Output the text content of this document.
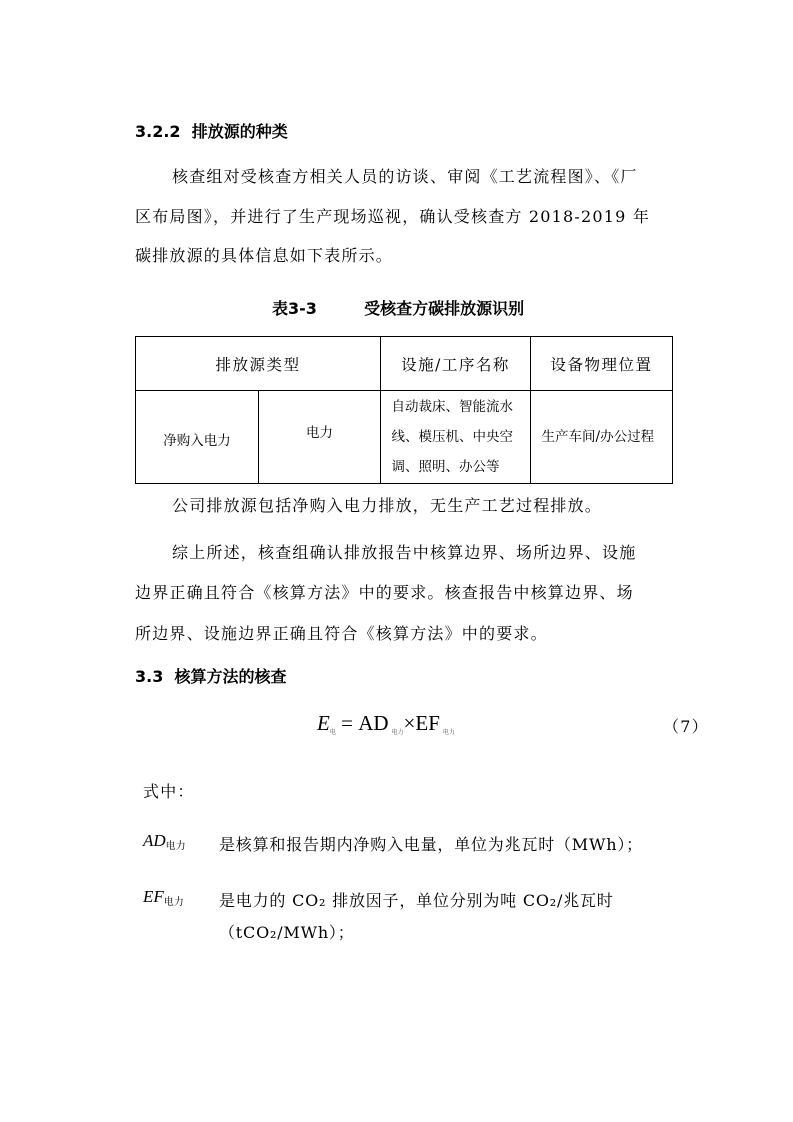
3.2.2 排放源的种类
核查组对受核查方相关人员的访谈、审阅《工艺流程图》、《厂
区布局图》，并进行了生产现场巡视，确认受核查方 2018-2019 年
碳排放源的具体信息如下表所示。
表3-3	受核查方碳排放源识别
排放源类型		设施/工序名称	设备物理位置
净购入电力	电力	自动裁床、智能流水线、模压机、中央空调、照明、办公等	生产车间/办公过程
公司排放源包括净购入电力排放，无生产工艺过程排放。
综上所述，核查组确认排放报告中核算边界、场所边界、设施
边界正确且符合《核算方法》中的要求。核查报告中核算边界、场
所边界、设施边界正确且符合《核算方法》中的要求。
3.3 核算方法的核查
E电 = AD 电力×EF 电力	（7）
式中：
$AD_{电力}$ 是核算和报告期内净购入电量，单位为兆瓦时（MWh）；
$EF_{电力}$ 是电力的 CO₂ 排放因子，单位分别为吨 CO₂/兆瓦时
（tCO₂/MWh）；
